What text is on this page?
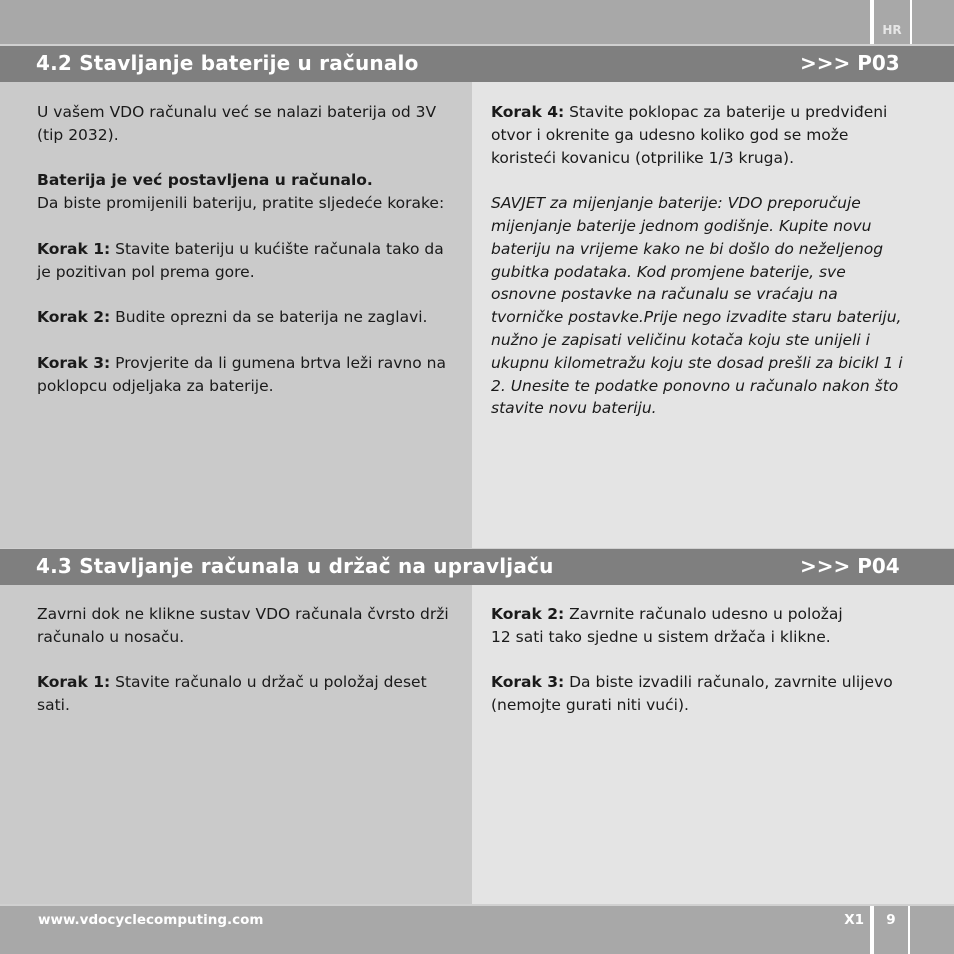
HR
4.2 Stavljanje baterije u računalo	>>> P03

U vašem VDO računalu već se nalazi baterija od 3V (tip 2032).

Baterija je već postavljena u računalo.
Da biste promijenili bateriju, pratite sljedeće korake:

Korak 1: Stavite bateriju u kućište računala tako da je pozitivan pol prema gore.

Korak 2: Budite oprezni da se baterija ne zaglavi.

Korak 3: Provjerite da li gumena brtva leži ravno na poklopcu odjeljaka za baterije.

Korak 4: Stavite poklopac za baterije u predviđeni otvor i okrenite ga udesno koliko god se može koristeći kovanicu (otprilike 1/3 kruga).

SAVJET za mijenjanje baterije: VDO preporučuje mijenjanje baterije jednom godišnje. Kupite novu bateriju na vrijeme kako ne bi došlo do neželjenog gubitka podataka. Kod promjene baterije, sve osnovne postavke na računalu se vraćaju na tvorničke postavke.Prije nego izvadite staru bateriju, nužno je zapisati veličinu kotača koju ste unijeli i ukupnu kilometražu koju ste dosad prešli za bicikl 1 i 2. Unesite te podatke ponovno u računalo nakon što stavite novu bateriju.

4.3 Stavljanje računala u držač na upravljaču	>>> P04

Zavrni dok ne klikne sustav VDO računala čvrsto drži računalo u nosaču.

Korak 1: Stavite računalo u držač u položaj deset sati.

Korak 2: Zavrnite računalo udesno u položaj
12 sati tako sjedne u sistem držača i klikne.

Korak 3: Da biste izvadili računalo, zavrnite ulijevo (nemojte gurati niti vući).

www.vdocyclecomputing.com	X1	9
